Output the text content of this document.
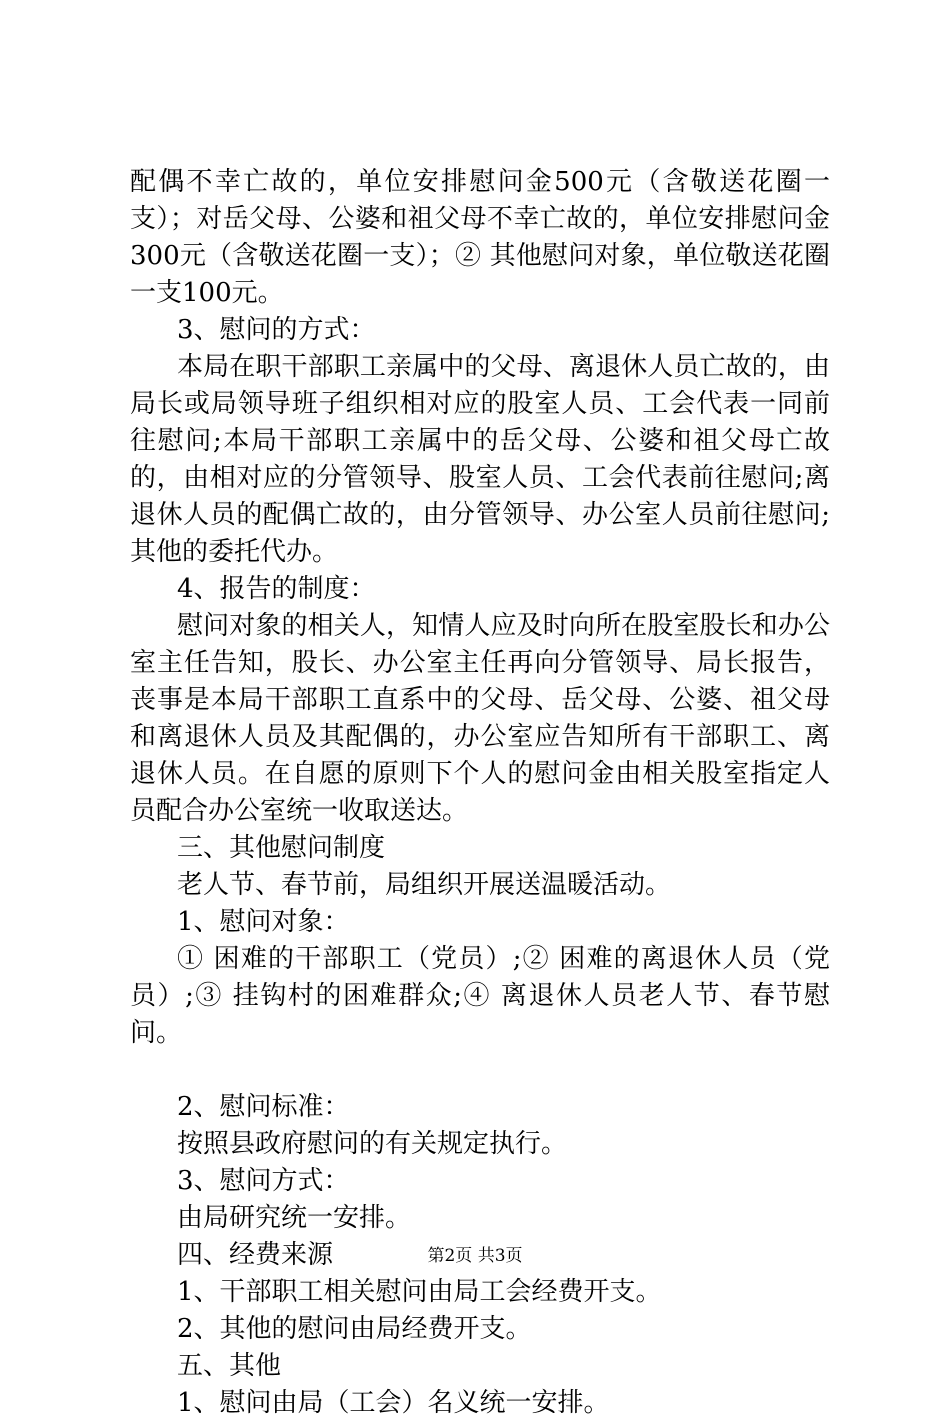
配偶不幸亡故的，单位安排慰问金500元（含敬送花圈一支）；对岳父母、公婆和祖父母不幸亡故的，单位安排慰问金300元（含敬送花圈一支）；② 其他慰问对象，单位敬送花圈一支100元。

3、慰问的方式：

本局在职干部职工亲属中的父母、离退休人员亡故的，由局长或局领导班子组织相对应的股室人员、工会代表一同前往慰问;本局干部职工亲属中的岳父母、公婆和祖父母亡故的，由相对应的分管领导、股室人员、工会代表前往慰问;离退休人员的配偶亡故的，由分管领导、办公室人员前往慰问;其他的委托代办。

4、报告的制度：

慰问对象的相关人，知情人应及时向所在股室股长和办公室主任告知，股长、办公室主任再向分管领导、局长报告，丧事是本局干部职工直系中的父母、岳父母、公婆、祖父母和离退休人员及其配偶的，办公室应告知所有干部职工、离退休人员。在自愿的原则下个人的慰问金由相关股室指定人员配合办公室统一收取送达。

三、其他慰问制度

老人节、春节前，局组织开展送温暖活动。

1、慰问对象：

① 困难的干部职工（党员）;② 困难的离退休人员（党员）;③ 挂钩村的困难群众;④ 离退休人员老人节、春节慰问。

2、慰问标准：

按照县政府慰问的有关规定执行。

3、慰问方式：

由局研究统一安排。

四、经费来源

1、干部职工相关慰问由局工会经费开支。

2、其他的慰问由局经费开支。

五、其他

1、慰问由局（工会）名义统一安排。

第2页 共3页
